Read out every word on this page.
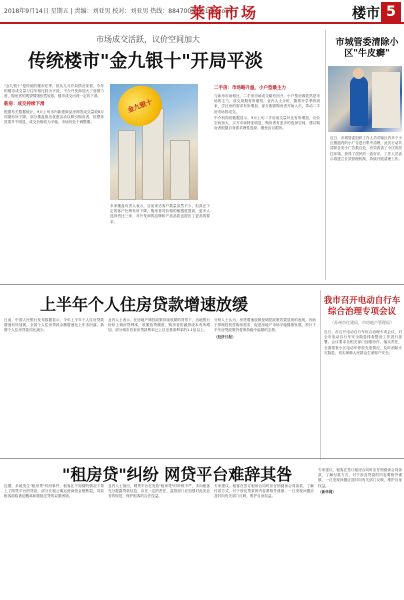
2018年9月14日 星期五 | 责编：刘亚男 校对：刘亚男 热线：88470000@163.com
莱商市场	楼市 5
市场成交活跃，议价空间加大
传统楼市"金九银十"开局平淡

"金九银十"是传统的楼市旺季，但从九月开局情况来看，今年的楼市成交量与往年相比较为平淡，不少开发商加大了营销力度，购房者的观望情绪依然较浓，楼市成交出现一定的下滑。

新房：成交持续下滑

根据有关数据统计，9月上旬市内新建商品房网签成交量较8月同期有所下降，部分楼盘推出优惠活动以吸引购房者，但整体效果并不明显，成交价格较为平稳，市场仍处于调整期。

金九银十

多家楼盘负责人表示，目前来访客户数量虽然不少，但真正下定的客户比例有所下降，购房者对价格的敏感度提高，更多人选择货比三家，对开发商的品牌和产品品质也提出了更高的要求。

二手房：市场略升温，小户型最主力

与新房市场相比，二手房市场成交略有回升，小户型房源依然是市场的主力，成交周期有所缩短。业内人士分析，随着开学季的到来，学区房的需求有所增加，部分刚需购房者开始入市，带动二手房市场的成交。

中介机构的数据显示，9月上旬二手房成交量环比有所增加，议价空间加大，买方市场特征明显，购房者有更多的选择空间，建议购房者根据自身需求理性选择，避免盲目跟风。

市城管委清除小区"牛皮癣"

近日，市城管委组织工作人员对辖区内多个小区楼道内的小广告进行集中清理，此次行动共清除各类小广告数百处，有效改善了小区的居住环境，获得了居民的一致好评，工作人员表示将建立长效管理机制，持续开展清理工作。

上半年个人住房贷款增速放缓

日前，中国人民银行发布数据显示，今年上半年个人住房贷款增速有所放缓，全国个人住房贷款余额增速比上年末回落，新增个人住房贷款同比减少。

业内人士表示，在房地产调控政策持续收紧的背景下，各地银行纷纷上调房贷利率，收紧放贷额度，购房者的融资成本有所增加，部分城市首套房贷款利率已上浮至基准利率的1.1倍以上。

分析人士认为，房贷增速放缓是调控政策效果显现的表现，有助于抑制投机性购房需求，促进房地产市场平稳健康发展，预计下半年房贷政策仍将保持稳中偏紧的态势。

（经济日报）

我市召开电动自行车综合治理专项会议
（苏州市住建局，市房地产管理局）

近日，市召开电动自行车综合治理专项会议，对全市电动自行车安全隐患排查整治工作进行部署。会议要求各相关部门加强协作，落实责任，全面排查小区电动车停放充电情况，及时消除火灾隐患，切实保障人民群众生命财产安全。

"租房贷"纠纷 网贷平台难辞其咎

近期，多地发生"租房贷"纠纷事件，租客在不知情的情况下背上了网贷平台的贷款，部分长租公寓运营商资金链断裂，导致租客面临被迫搬离和继续还贷的双重困境。

业内人士指出，网贷平台在发放"租房贷"时审核不严，未向租客充分披露贷款信息，存在一定的责任，监管部门应加强对此类业务的规范，保护租客的合法权益。

专家建议，租客在签订租房合同时应仔细阅读合同条款，了解付款方式，对于涉及贷款的内容要格外谨慎，一旦发现问题应及时向有关部门反映，维护自身权益。

专家建议，租客在签订租房合同时应仔细阅读合同条款，了解付款方式，对于涉及贷款的内容要格外谨慎，一旦发现问题应及时向有关部门反映，维护自身权益。

（新华网）
